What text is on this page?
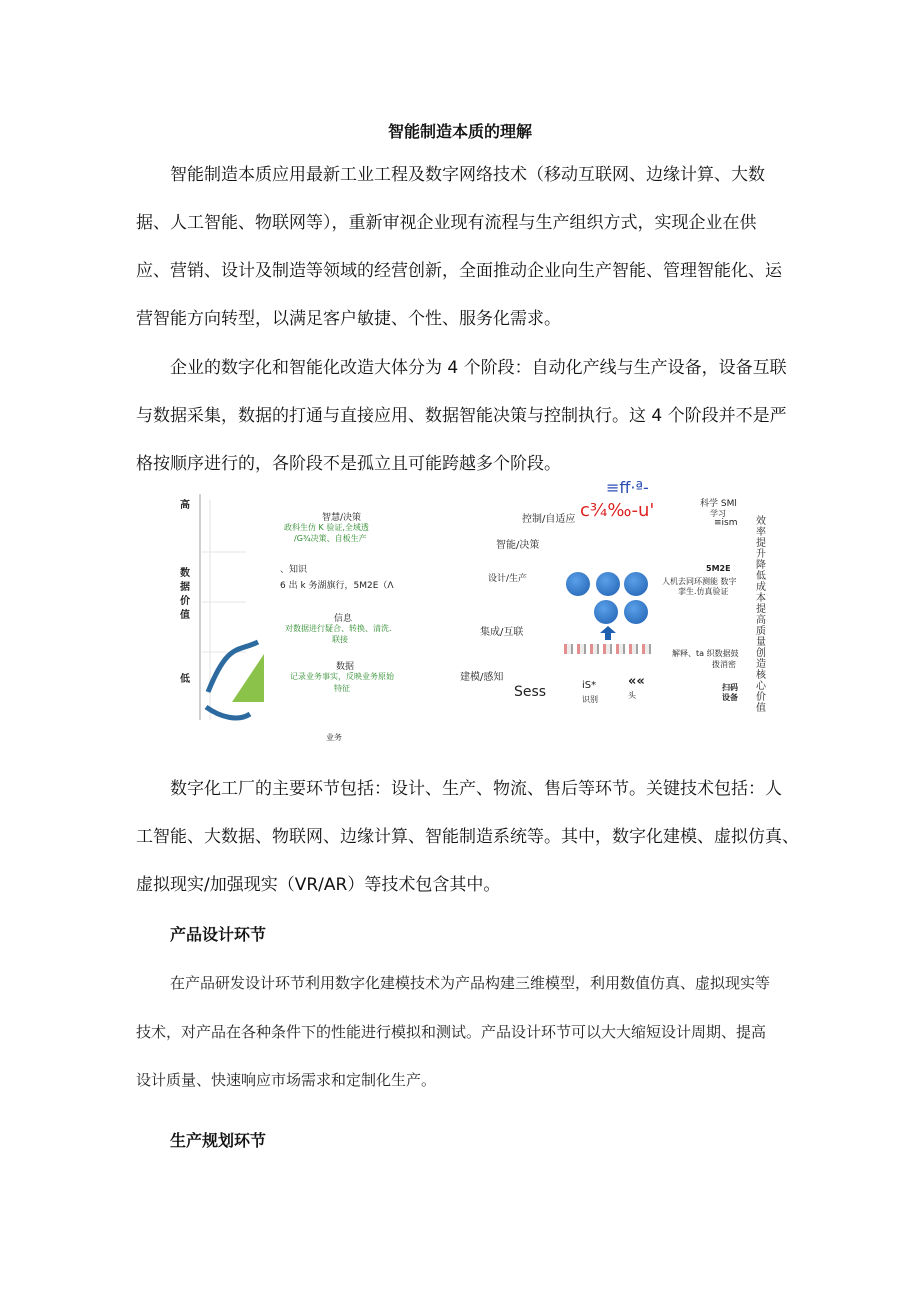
智能制造本质的理解
智能制造本质应用最新工业工程及数字网络技术（移动互联网、边缘计算、大数
据、人工智能、物联网等），重新审视企业现有流程与生产组织方式，实现企业在供
应、营销、设计及制造等领域的经营创新，全面推动企业向生产智能、管理智能化、运
营智能方向转型，以满足客户敏捷、个性、服务化需求。
企业的数字化和智能化改造大体分为 4 个阶段：自动化产线与生产设备，设备互联
与数据采集，数据的打通与直接应用、数据智能决策与控制执行。这 4 个阶段并不是严
格按顺序进行的，各阶段不是孤立且可能跨越多个阶段。
高
数
据
价
值
低
智慧/决策
政科生仿 K 验证,全域透
/G¾决策、自板生产
、知识
6 出 k 务湖旗行，5M2E（Λ
信息
对数据进行疑合、转换、清洗.
联接
数据
记录业务事实，反映业务原始
特征
业务
≡ff·ª-
控制/自适应 c¾‰-u'
智能/决策
设计/生产
集成/互联
建模/感知
Sess	iS*
识别
««
头
科学 SMl
学习
≡ism
5M2E
人机去同环测能 数字
挛生.仿真验证
解释、ta 织数据鼓
拨消密
扫码
设备
效率提升降低成本提高质量创造核心价值
数字化工厂的主要环节包括：设计、生产、物流、售后等环节。关键技术包括：人
工智能、大数据、物联网、边缘计算、智能制造系统等。其中，数字化建模、虚拟仿真、
虚拟现实/加强现实（VR/AR）等技术包含其中。
产品设计环节
在产品研发设计环节利用数字化建模技术为产品构建三维模型，利用数值仿真、虚拟现实等
技术，对产品在各种条件下的性能进行模拟和测试。产品设计环节可以大大缩短设计周期、提高
设计质量、快速响应市场需求和定制化生产。
生产规划环节
